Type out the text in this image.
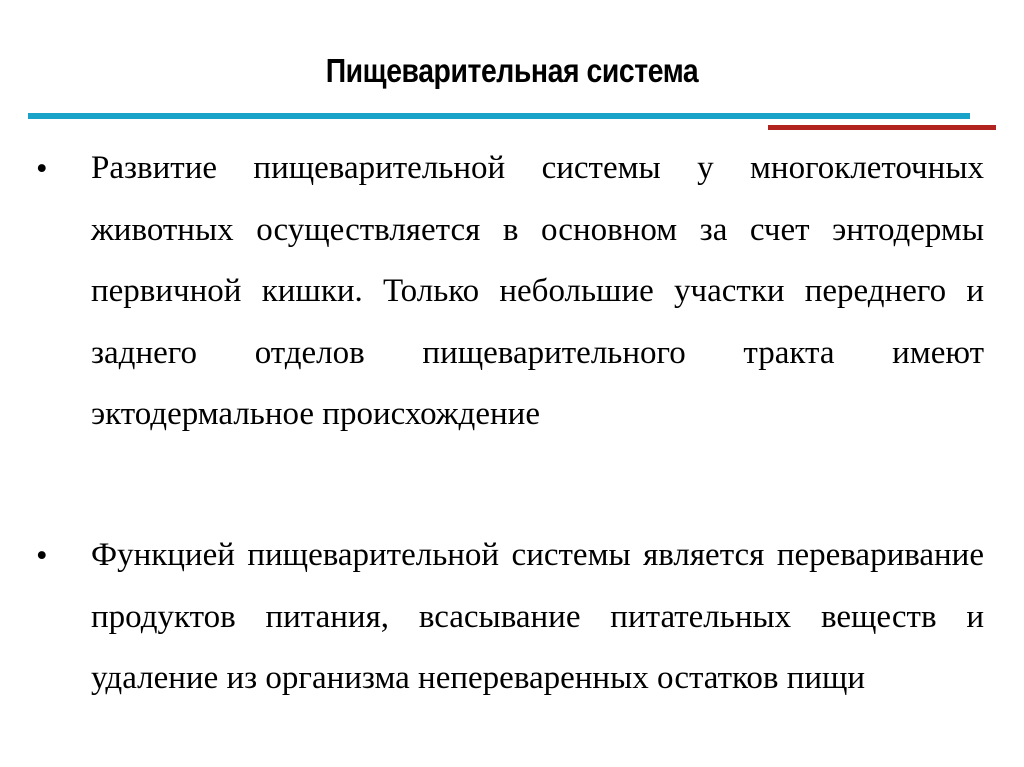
Пищеварительная система
• Развитие пищеварительной системы у многоклеточных животных осуществляется в основном за счет энтодермы первичной кишки. Только небольшие участки переднего и заднего отделов пищеварительного тракта имеют эктодермальное происхождение
• Функцией пищеварительной системы является переваривание продуктов питания, всасывание питательных веществ и удаление из организма непереваренных остатков пищи
